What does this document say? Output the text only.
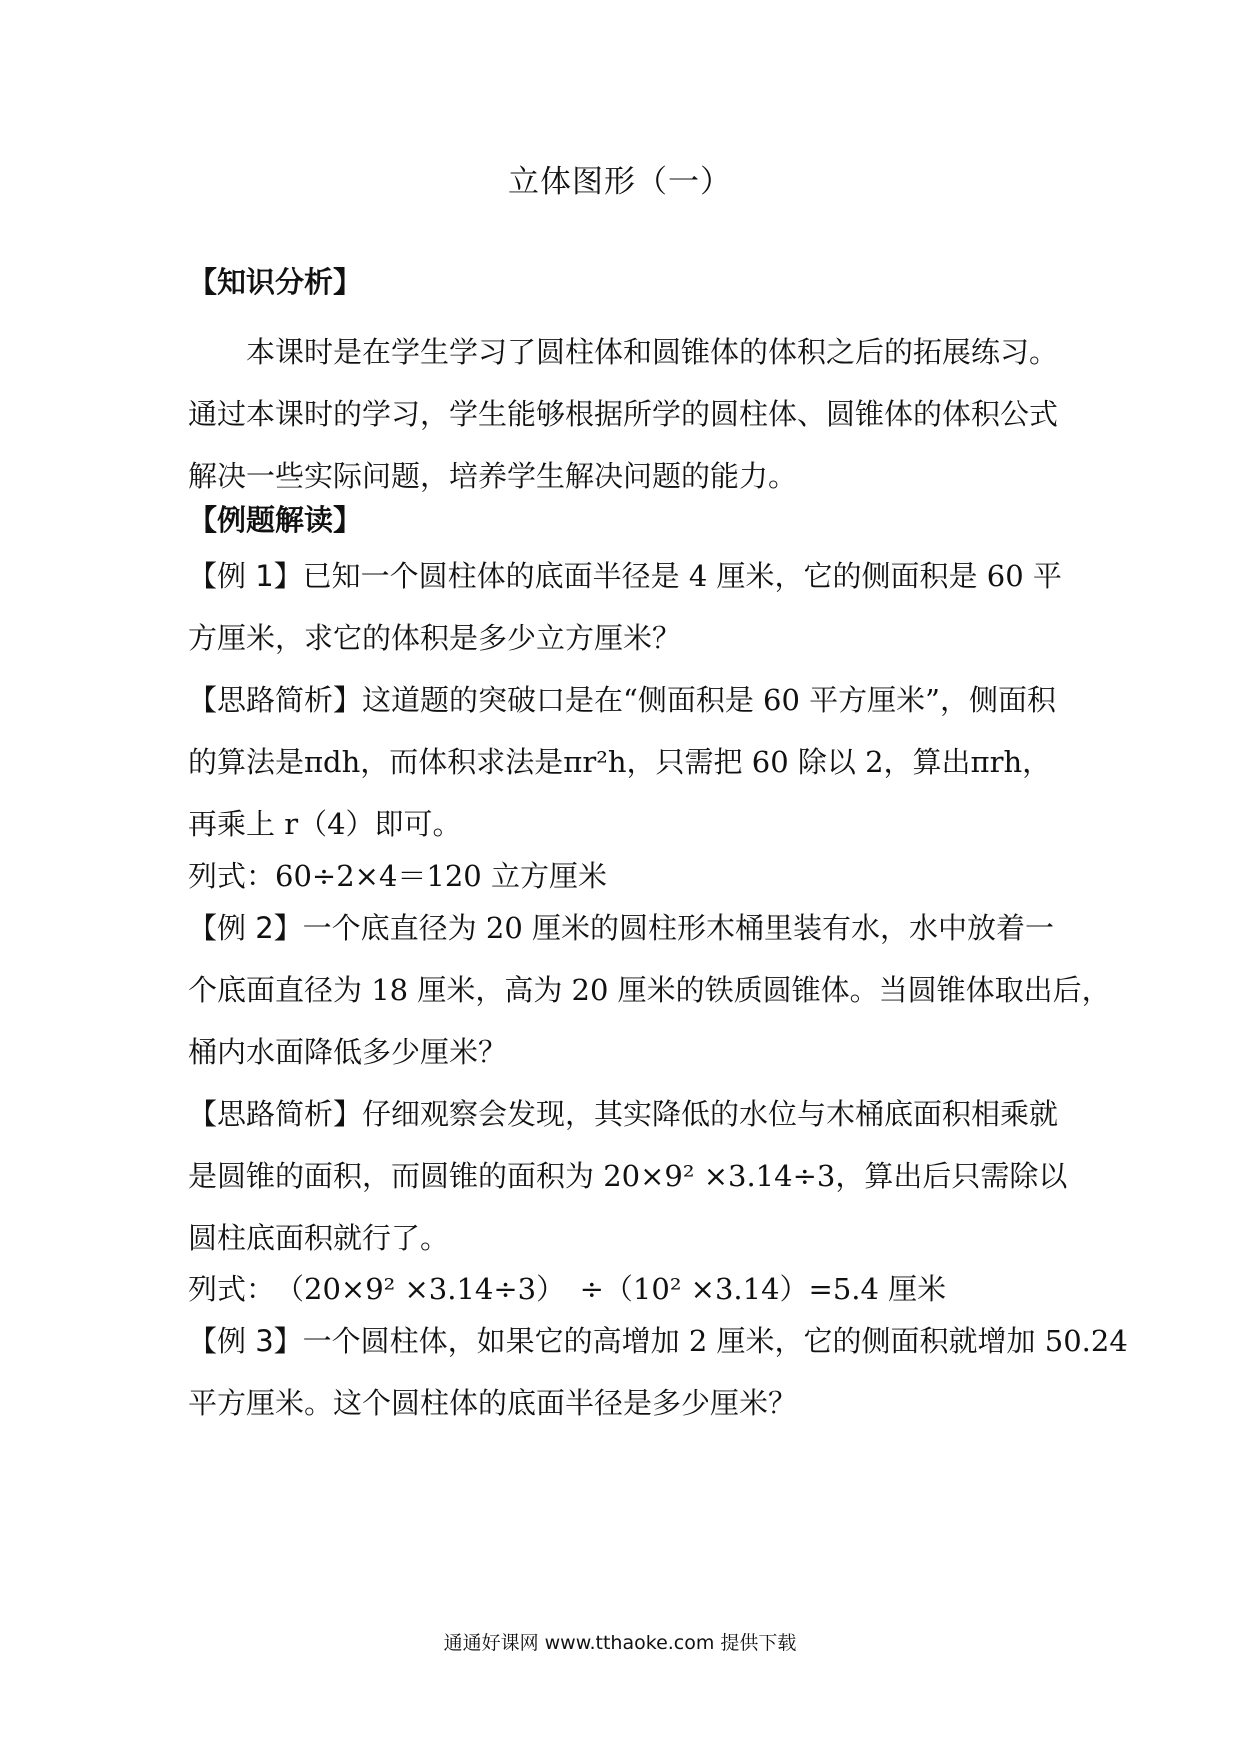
立体图形（一）
【知识分析】
本课时是在学生学习了圆柱体和圆锥体的体积之后的拓展练习。
通过本课时的学习，学生能够根据所学的圆柱体、圆锥体的体积公式
解决一些实际问题，培养学生解决问题的能力。
【例题解读】
【例 1】已知一个圆柱体的底面半径是 4 厘米，它的侧面积是 60 平
方厘米，求它的体积是多少立方厘米？
【思路简析】这道题的突破口是在“侧面积是 60 平方厘米”，侧面积
的算法是πdh，而体积求法是πr²h，只需把 60 除以 2，算出πrh，
再乘上 r（4）即可。
列式：60÷2×4＝120 立方厘米
【例 2】一个底直径为 20 厘米的圆柱形木桶里装有水，水中放着一
个底面直径为 18 厘米，高为 20 厘米的铁质圆锥体。当圆锥体取出后，
桶内水面降低多少厘米？
【思路简析】仔细观察会发现，其实降低的水位与木桶底面积相乘就
是圆锥的面积，而圆锥的面积为 20×9² ×3.14÷3，算出后只需除以
圆柱底面积就行了。
列式：　（20×9² ×3.14÷3）　÷（10² ×3.14）=5.4 厘米
【例 3】一个圆柱体，如果它的高增加 2 厘米，它的侧面积就增加 50.24
平方厘米。这个圆柱体的底面半径是多少厘米？
通通好课网 www.tthaoke.com 提供下载
